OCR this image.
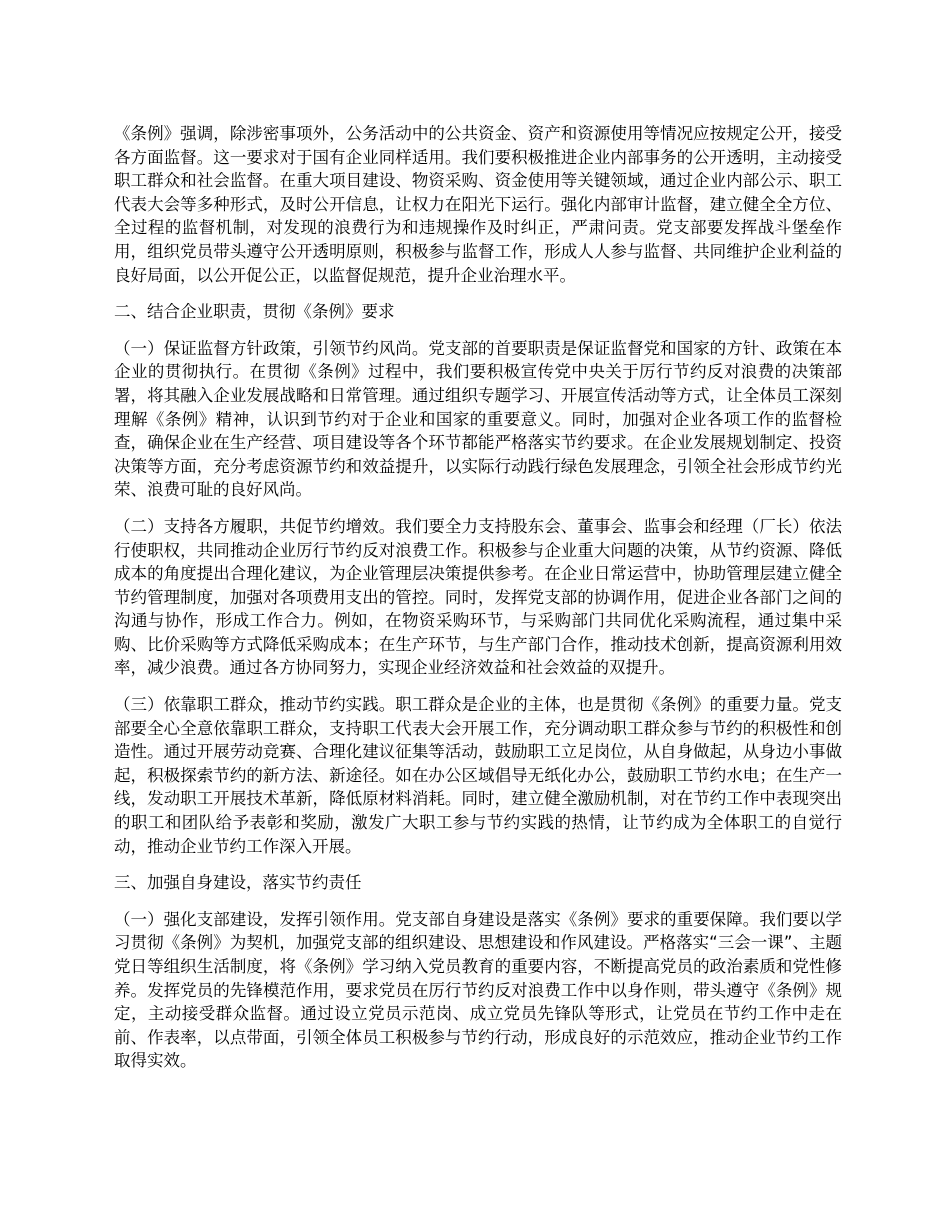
《条例》强调，除涉密事项外，公务活动中的公共资金、资产和资源使用等情况应按规定公开，接受各方面监督。这一要求对于国有企业同样适用。我们要积极推进企业内部事务的公开透明，主动接受职工群众和社会监督。在重大项目建设、物资采购、资金使用等关键领域，通过企业内部公示、职工代表大会等多种形式，及时公开信息，让权力在阳光下运行。强化内部审计监督，建立健全全方位、全过程的监督机制，对发现的浪费行为和违规操作及时纠正，严肃问责。党支部要发挥战斗堡垒作用，组织党员带头遵守公开透明原则，积极参与监督工作，形成人人参与监督、共同维护企业利益的良好局面，以公开促公正，以监督促规范，提升企业治理水平。

二、结合企业职责，贯彻《条例》要求

（一）保证监督方针政策，引领节约风尚。党支部的首要职责是保证监督党和国家的方针、政策在本企业的贯彻执行。在贯彻《条例》过程中，我们要积极宣传党中央关于厉行节约反对浪费的决策部署，将其融入企业发展战略和日常管理。通过组织专题学习、开展宣传活动等方式，让全体员工深刻理解《条例》精神，认识到节约对于企业和国家的重要意义。同时，加强对企业各项工作的监督检查，确保企业在生产经营、项目建设等各个环节都能严格落实节约要求。在企业发展规划制定、投资决策等方面，充分考虑资源节约和效益提升，以实际行动践行绿色发展理念，引领全社会形成节约光荣、浪费可耻的良好风尚。

（二）支持各方履职，共促节约增效。我们要全力支持股东会、董事会、监事会和经理（厂长）依法行使职权，共同推动企业厉行节约反对浪费工作。积极参与企业重大问题的决策，从节约资源、降低成本的角度提出合理化建议，为企业管理层决策提供参考。在企业日常运营中，协助管理层建立健全节约管理制度，加强对各项费用支出的管控。同时，发挥党支部的协调作用，促进企业各部门之间的沟通与协作，形成工作合力。例如，在物资采购环节，与采购部门共同优化采购流程，通过集中采购、比价采购等方式降低采购成本；在生产环节，与生产部门合作，推动技术创新，提高资源利用效率，减少浪费。通过各方协同努力，实现企业经济效益和社会效益的双提升。

（三）依靠职工群众，推动节约实践。职工群众是企业的主体，也是贯彻《条例》的重要力量。党支部要全心全意依靠职工群众，支持职工代表大会开展工作，充分调动职工群众参与节约的积极性和创造性。通过开展劳动竞赛、合理化建议征集等活动，鼓励职工立足岗位，从自身做起，从身边小事做起，积极探索节约的新方法、新途径。如在办公区域倡导无纸化办公，鼓励职工节约水电；在生产一线，发动职工开展技术革新，降低原材料消耗。同时，建立健全激励机制，对在节约工作中表现突出的职工和团队给予表彰和奖励，激发广大职工参与节约实践的热情，让节约成为全体职工的自觉行动，推动企业节约工作深入开展。

三、加强自身建设，落实节约责任

（一）强化支部建设，发挥引领作用。党支部自身建设是落实《条例》要求的重要保障。我们要以学习贯彻《条例》为契机，加强党支部的组织建设、思想建设和作风建设。严格落实“三会一课”、主题党日等组织生活制度，将《条例》学习纳入党员教育的重要内容，不断提高党员的政治素质和党性修养。发挥党员的先锋模范作用，要求党员在厉行节约反对浪费工作中以身作则，带头遵守《条例》规定，主动接受群众监督。通过设立党员示范岗、成立党员先锋队等形式，让党员在节约工作中走在前、作表率，以点带面，引领全体员工积极参与节约行动，形成良好的示范效应，推动企业节约工作取得实效。
